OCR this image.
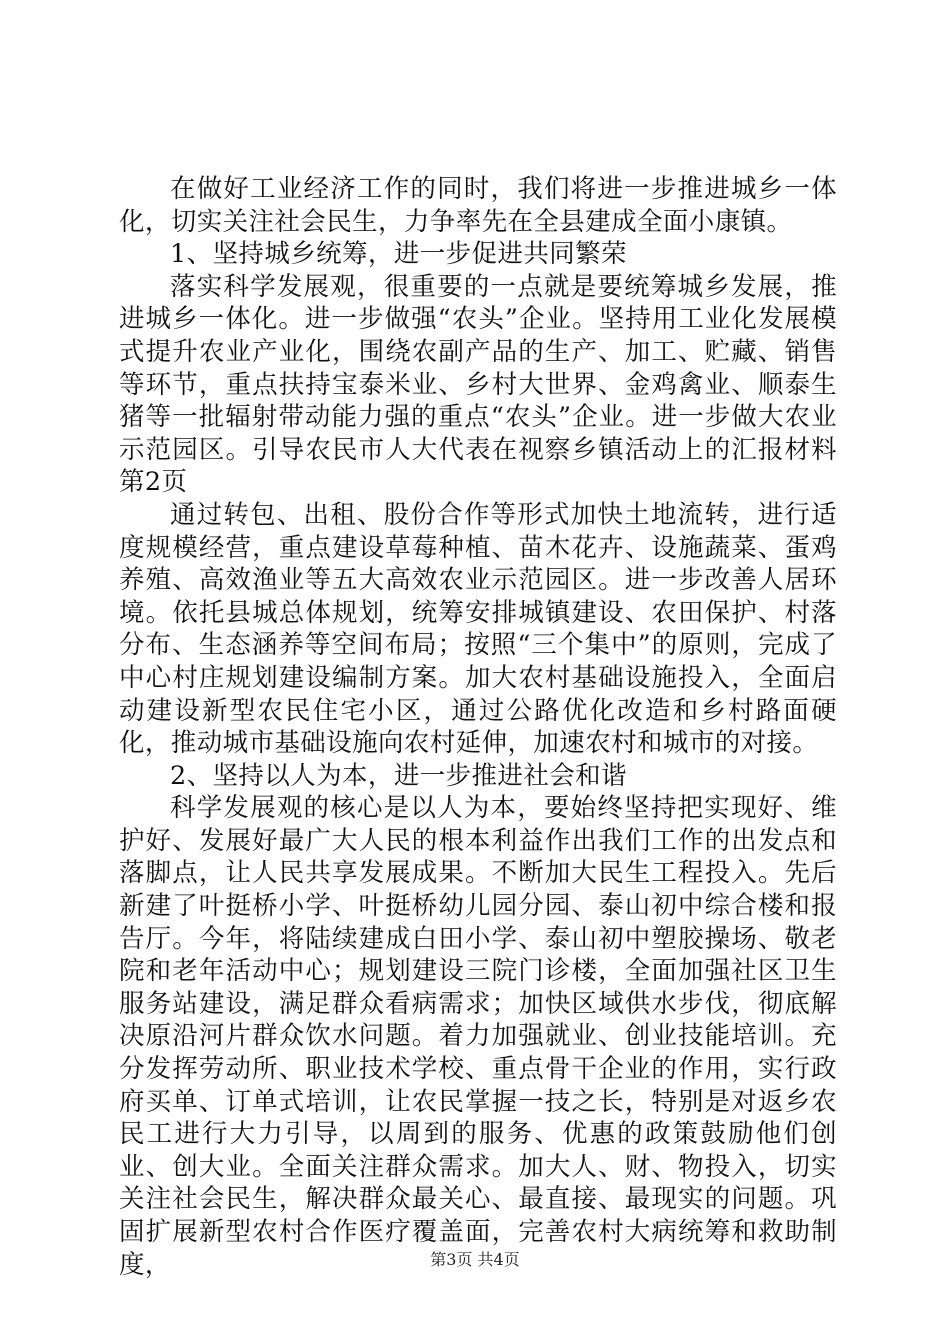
在做好工业经济工作的同时，我们将进一步推进城乡一体化，切实关注社会民生，力争率先在全县建成全面小康镇。

1、坚持城乡统筹，进一步促进共同繁荣

落实科学发展观，很重要的一点就是要统筹城乡发展，推进城乡一体化。进一步做强“农头”企业。坚持用工业化发展模式提升农业产业化，围绕农副产品的生产、加工、贮藏、销售等环节，重点扶持宝泰米业、乡村大世界、金鸡禽业、顺泰生猪等一批辐射带动能力强的重点“农头”企业。进一步做大农业示范园区。引导农民市人大代表在视察乡镇活动上的汇报材料第2页

通过转包、出租、股份合作等形式加快土地流转，进行适度规模经营，重点建设草莓种植、苗木花卉、设施蔬菜、蛋鸡养殖、高效渔业等五大高效农业示范园区。进一步改善人居环境。依托县城总体规划，统筹安排城镇建设、农田保护、村落分布、生态涵养等空间布局；按照“三个集中”的原则，完成了中心村庄规划建设编制方案。加大农村基础设施投入，全面启动建设新型农民住宅小区，通过公路优化改造和乡村路面硬化，推动城市基础设施向农村延伸，加速农村和城市的对接。

2、坚持以人为本，进一步推进社会和谐

科学发展观的核心是以人为本，要始终坚持把实现好、维护好、发展好最广大人民的根本利益作出我们工作的出发点和落脚点，让人民共享发展成果。不断加大民生工程投入。先后新建了叶挺桥小学、叶挺桥幼儿园分园、泰山初中综合楼和报告厅。今年，将陆续建成白田小学、泰山初中塑胶操场、敬老院和老年活动中心；规划建设三院门诊楼，全面加强社区卫生服务站建设，满足群众看病需求；加快区域供水步伐，彻底解决原沿河片群众饮水问题。着力加强就业、创业技能培训。充分发挥劳动所、职业技术学校、重点骨干企业的作用，实行政府买单、订单式培训，让农民掌握一技之长，特别是对返乡农民工进行大力引导，以周到的服务、优惠的政策鼓励他们创业、创大业。全面关注群众需求。加大人、财、物投入，切实关注社会民生，解决群众最关心、最直接、最现实的问题。巩固扩展新型农村合作医疗覆盖面，完善农村大病统筹和救助制度，	第3页 共4页
